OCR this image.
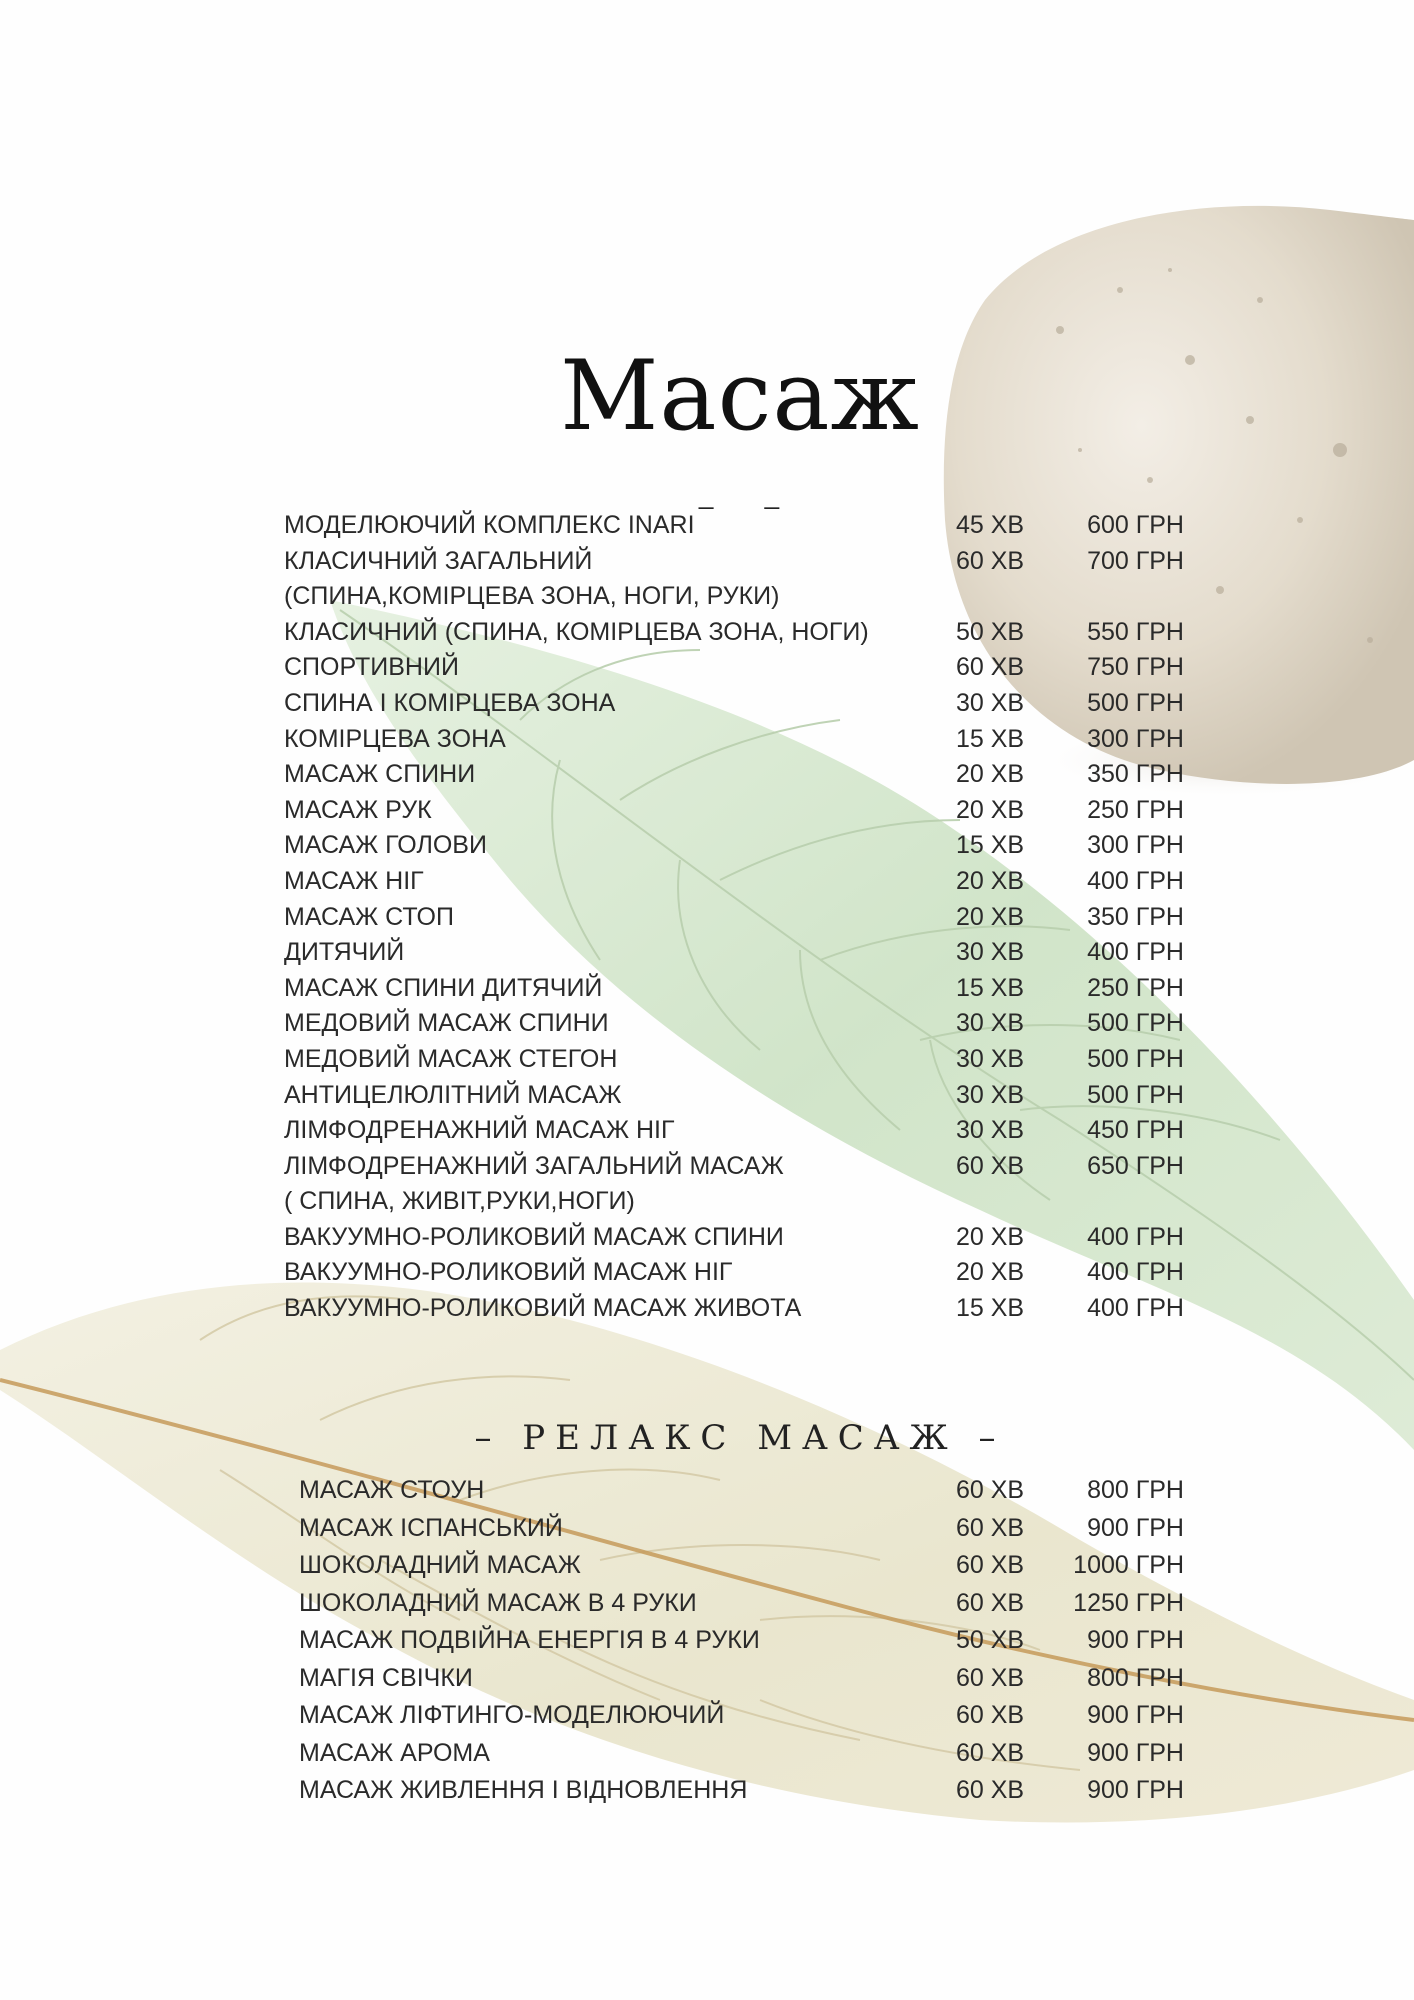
Масаж
_ _
МОДЕЛЮЮЧИЙ КОМПЛЕКС INARI	45 ХВ	600 ГРН
КЛАСИЧНИЙ ЗАГАЛЬНИЙ	60 ХВ	700 ГРН
(СПИНА,КОМІРЦЕВА ЗОНА, НОГИ, РУКИ)
КЛАСИЧНИЙ (СПИНА, КОМІРЦЕВА ЗОНА, НОГИ)	50 ХВ	550 ГРН
СПОРТИВНИЙ	60 ХВ	750 ГРН
СПИНА І КОМІРЦЕВА ЗОНА	30 ХВ	500 ГРН
КОМІРЦЕВА ЗОНА	15 ХВ	300 ГРН
МАСАЖ СПИНИ	20 ХВ	350 ГРН
МАСАЖ РУК	20 ХВ	250 ГРН
МАСАЖ ГОЛОВИ	15 ХВ	300 ГРН
МАСАЖ НІГ	20 ХВ	400 ГРН
МАСАЖ СТОП	20 ХВ	350 ГРН
ДИТЯЧИЙ	30 ХВ	400 ГРН
МАСАЖ СПИНИ ДИТЯЧИЙ	15 ХВ	250 ГРН
МЕДОВИЙ МАСАЖ СПИНИ	30 ХВ	500 ГРН
МЕДОВИЙ МАСАЖ СТЕГОН	30 ХВ	500 ГРН
АНТИЦЕЛЮЛІТНИЙ МАСАЖ	30 ХВ	500 ГРН
ЛІМФОДРЕНАЖНИЙ МАСАЖ НІГ	30 ХВ	450 ГРН
ЛІМФОДРЕНАЖНИЙ ЗАГАЛЬНИЙ МАСАЖ	60 ХВ	650 ГРН
( СПИНА, ЖИВІТ,РУКИ,НОГИ)
ВАКУУМНО-РОЛИКОВИЙ МАСАЖ СПИНИ	20 ХВ	400 ГРН
ВАКУУМНО-РОЛИКОВИЙ МАСАЖ НІГ	20 ХВ	400 ГРН
ВАКУУМНО-РОЛИКОВИЙ МАСАЖ ЖИВОТА	15 ХВ	400 ГРН
– РЕЛАКС МАСАЖ –
МАСАЖ СТОУН	60 ХВ	800 ГРН
МАСАЖ ІСПАНСЬКИЙ	60 ХВ	900 ГРН
ШОКОЛАДНИЙ МАСАЖ	60 ХВ	1000 ГРН
ШОКОЛАДНИЙ МАСАЖ В 4 РУКИ	60 ХВ	1250 ГРН
МАСАЖ ПОДВІЙНА ЕНЕРГІЯ В 4 РУКИ	50 ХВ	900 ГРН
МАГІЯ СВІЧКИ	60 ХВ	800 ГРН
МАСАЖ ЛІФТИНГО-МОДЕЛЮЮЧИЙ	60 ХВ	900 ГРН
МАСАЖ АРОМА	60 ХВ	900 ГРН
МАСАЖ ЖИВЛЕННЯ І ВІДНОВЛЕННЯ	60 ХВ	900 ГРН
